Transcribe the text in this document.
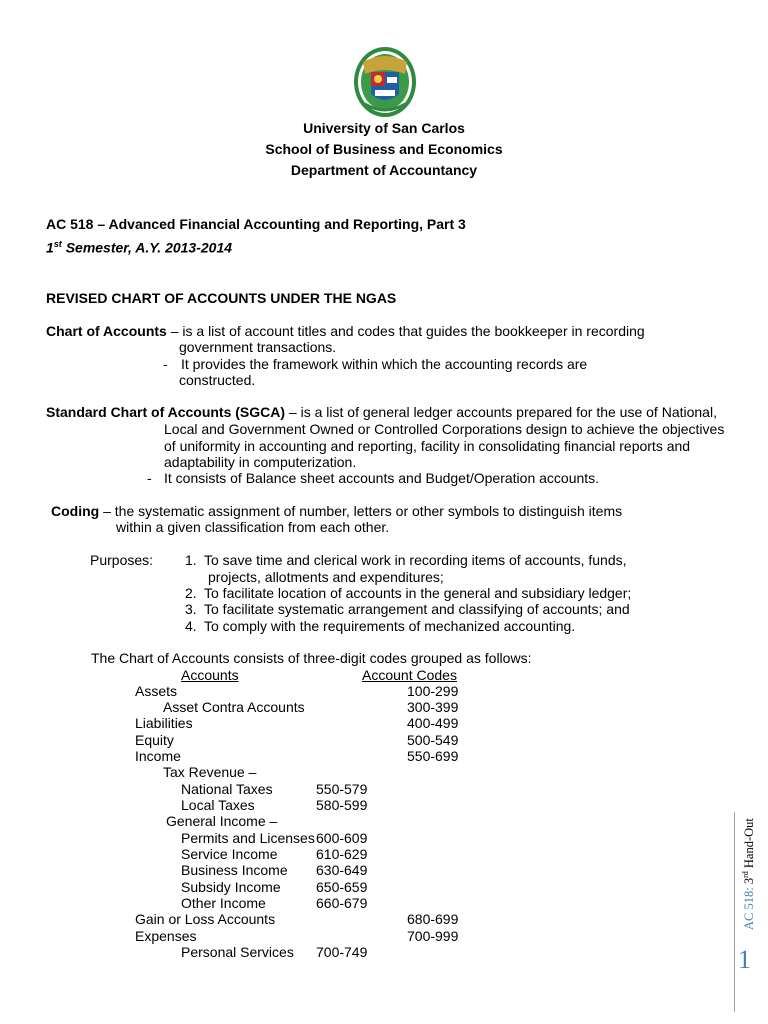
University of San Carlos
School of Business and Economics
Department of Accountancy
AC 518 – Advanced Financial Accounting and Reporting, Part 3
1st Semester, A.Y. 2013-2014
REVISED CHART OF ACCOUNTS UNDER THE NGAS
Chart of Accounts – is a list of account titles and codes that guides the bookkeeper in recording
government transactions.
- It provides the framework within which the accounting records are
constructed.
Standard Chart of Accounts (SGCA) – is a list of general ledger accounts prepared for the use of National,
Local and Government Owned or Controlled Corporations design to achieve the objectives
of uniformity in accounting and reporting, facility in consolidating financial reports and
adaptability in computerization.
- It consists of Balance sheet accounts and Budget/Operation accounts.
Coding – the systematic assignment of number, letters or other symbols to distinguish items
within a given classification from each other.
Purposes: 1. To save time and clerical work in recording items of accounts, funds,
projects, allotments and expenditures;
2. To facilitate location of accounts in the general and subsidiary ledger;
3. To facilitate systematic arrangement and classifying of accounts; and
4. To comply with the requirements of mechanized accounting.
The Chart of Accounts consists of three-digit codes grouped as follows:
Accounts	Account Codes
Assets	100-299
Asset Contra Accounts	300-399
Liabilities	400-499
Equity	500-549
Income	550-699
Tax Revenue –
National Taxes	550-579
Local Taxes	580-599
General Income –
Permits and Licenses 600-609
Service Income	610-629
Business Income 630-649
Subsidy Income	650-659
Other Income	660-679
Gain or Loss Accounts	680-699
Expenses	700-999
Personal Services 700-749
AC 518: 3rd Hand-Out
1
